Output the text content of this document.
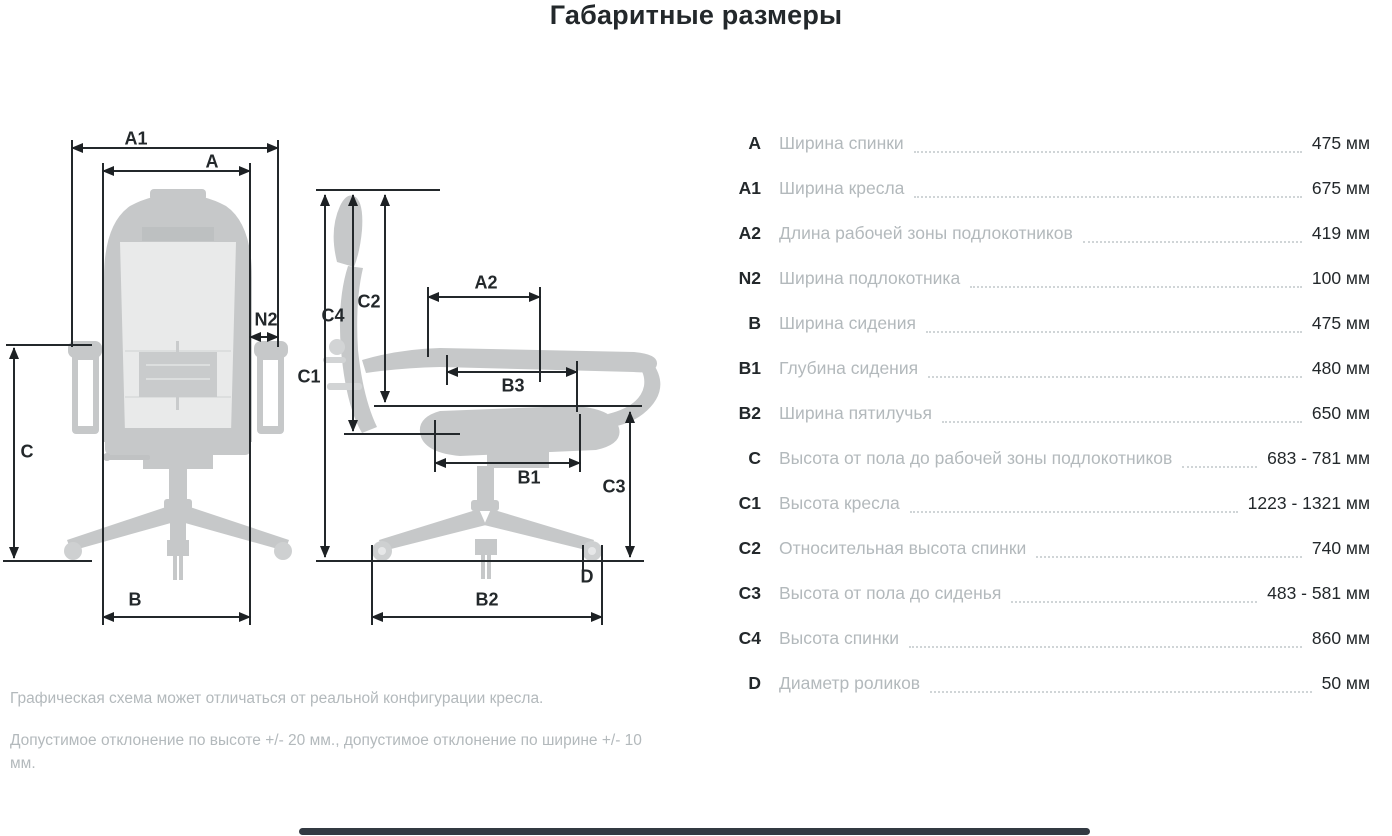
Габаритные размеры
A1
A
N2
C
B
C1
C4
C2
A2
B3
B1	C3
D
B2
A Ширина спинки	475 мм
A1 Ширина кресла	675 мм
A2 Длина рабочей зоны подлокотников	419 мм
N2 Ширина подлокотника	100 мм
B Ширина сидения	475 мм
B1 Глубина сидения	480 мм
B2 Ширина пятилучья	650 мм
C Высота от пола до рабочей зоны подлокотников	683 - 781 мм
C1 Высота кресла	1223 - 1321 мм
C2 Относительная высота спинки	740 мм
C3 Высота от пола до сиденья	483 - 581 мм
C4 Высота спинки	860 мм
D Диаметр роликов	50 мм

Графическая схема может отличаться от реальной конфигурации кресла.

Допустимое отклонение по высоте +/- 20 мм., допустимое отклонение по ширине +/- 10 мм.
